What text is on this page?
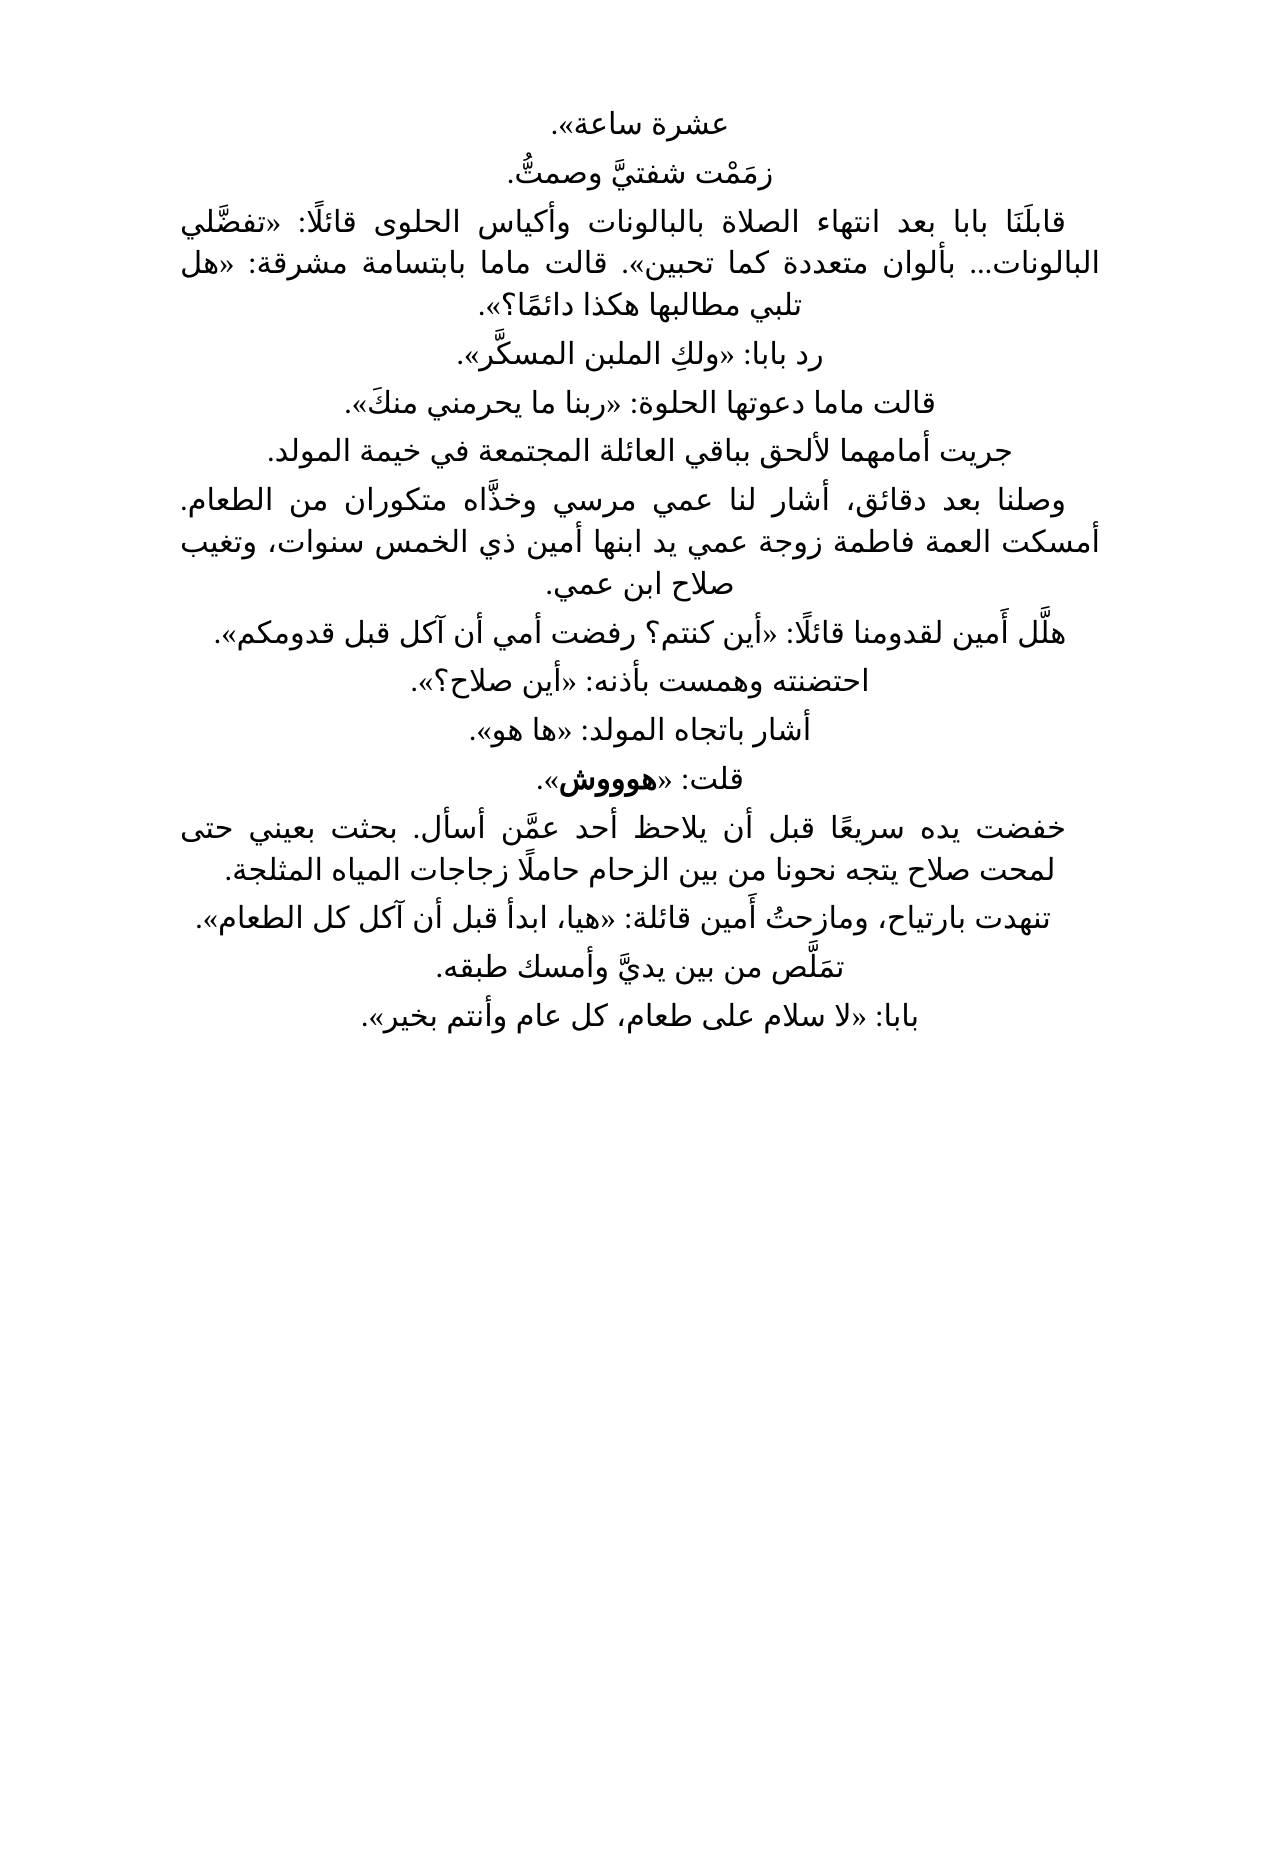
عشرة ساعة».

زمَمْت شفتيَّ وصمتُّ.

قابلَنَا بابا بعد انتهاء الصلاة بالبالونات وأكياس الحلوى قائلًا: «تفضَّلي البالونات... بألوان متعددة كما تحبين». قالت ماما بابتسامة مشرقة: «هل تلبي مطالبها هكذا دائمًا؟».

رد بابا: «ولكِ الملبن المسكَّر».

قالت ماما دعوتها الحلوة: «ربنا ما يحرمني منكَ».

جريت أمامهما لألحق بباقي العائلة المجتمعة في خيمة المولد.

وصلنا بعد دقائق، أشار لنا عمي مرسي وخذَّاه متكوران من الطعام. أمسكت العمة فاطمة زوجة عمي يد ابنها أمين ذي الخمس سنوات، وتغيب صلاح ابن عمي.

هلَّل أَمين لقدومنا قائلًا: «أين كنتم؟ رفضت أمي أن آكل قبل قدومكم».

احتضنته وهمست بأذنه: «أين صلاح؟».

أشار باتجاه المولد: «ها هو».

قلت: «هوووش».

خفضت يده سريعًا قبل أن يلاحظ أحد عمَّن أسأل. بحثت بعيني حتى لمحت صلاح يتجه نحونا من بين الزحام حاملًا زجاجات المياه المثلجة.

تنهدت بارتياح، ومازحتُ أَمين قائلة: «هيا، ابدأ قبل أن آكل كل الطعام».

تمَلَّص من بين يديَّ وأمسك طبقه.

بابا: «لا سلام على طعام، كل عام وأنتم بخير».
